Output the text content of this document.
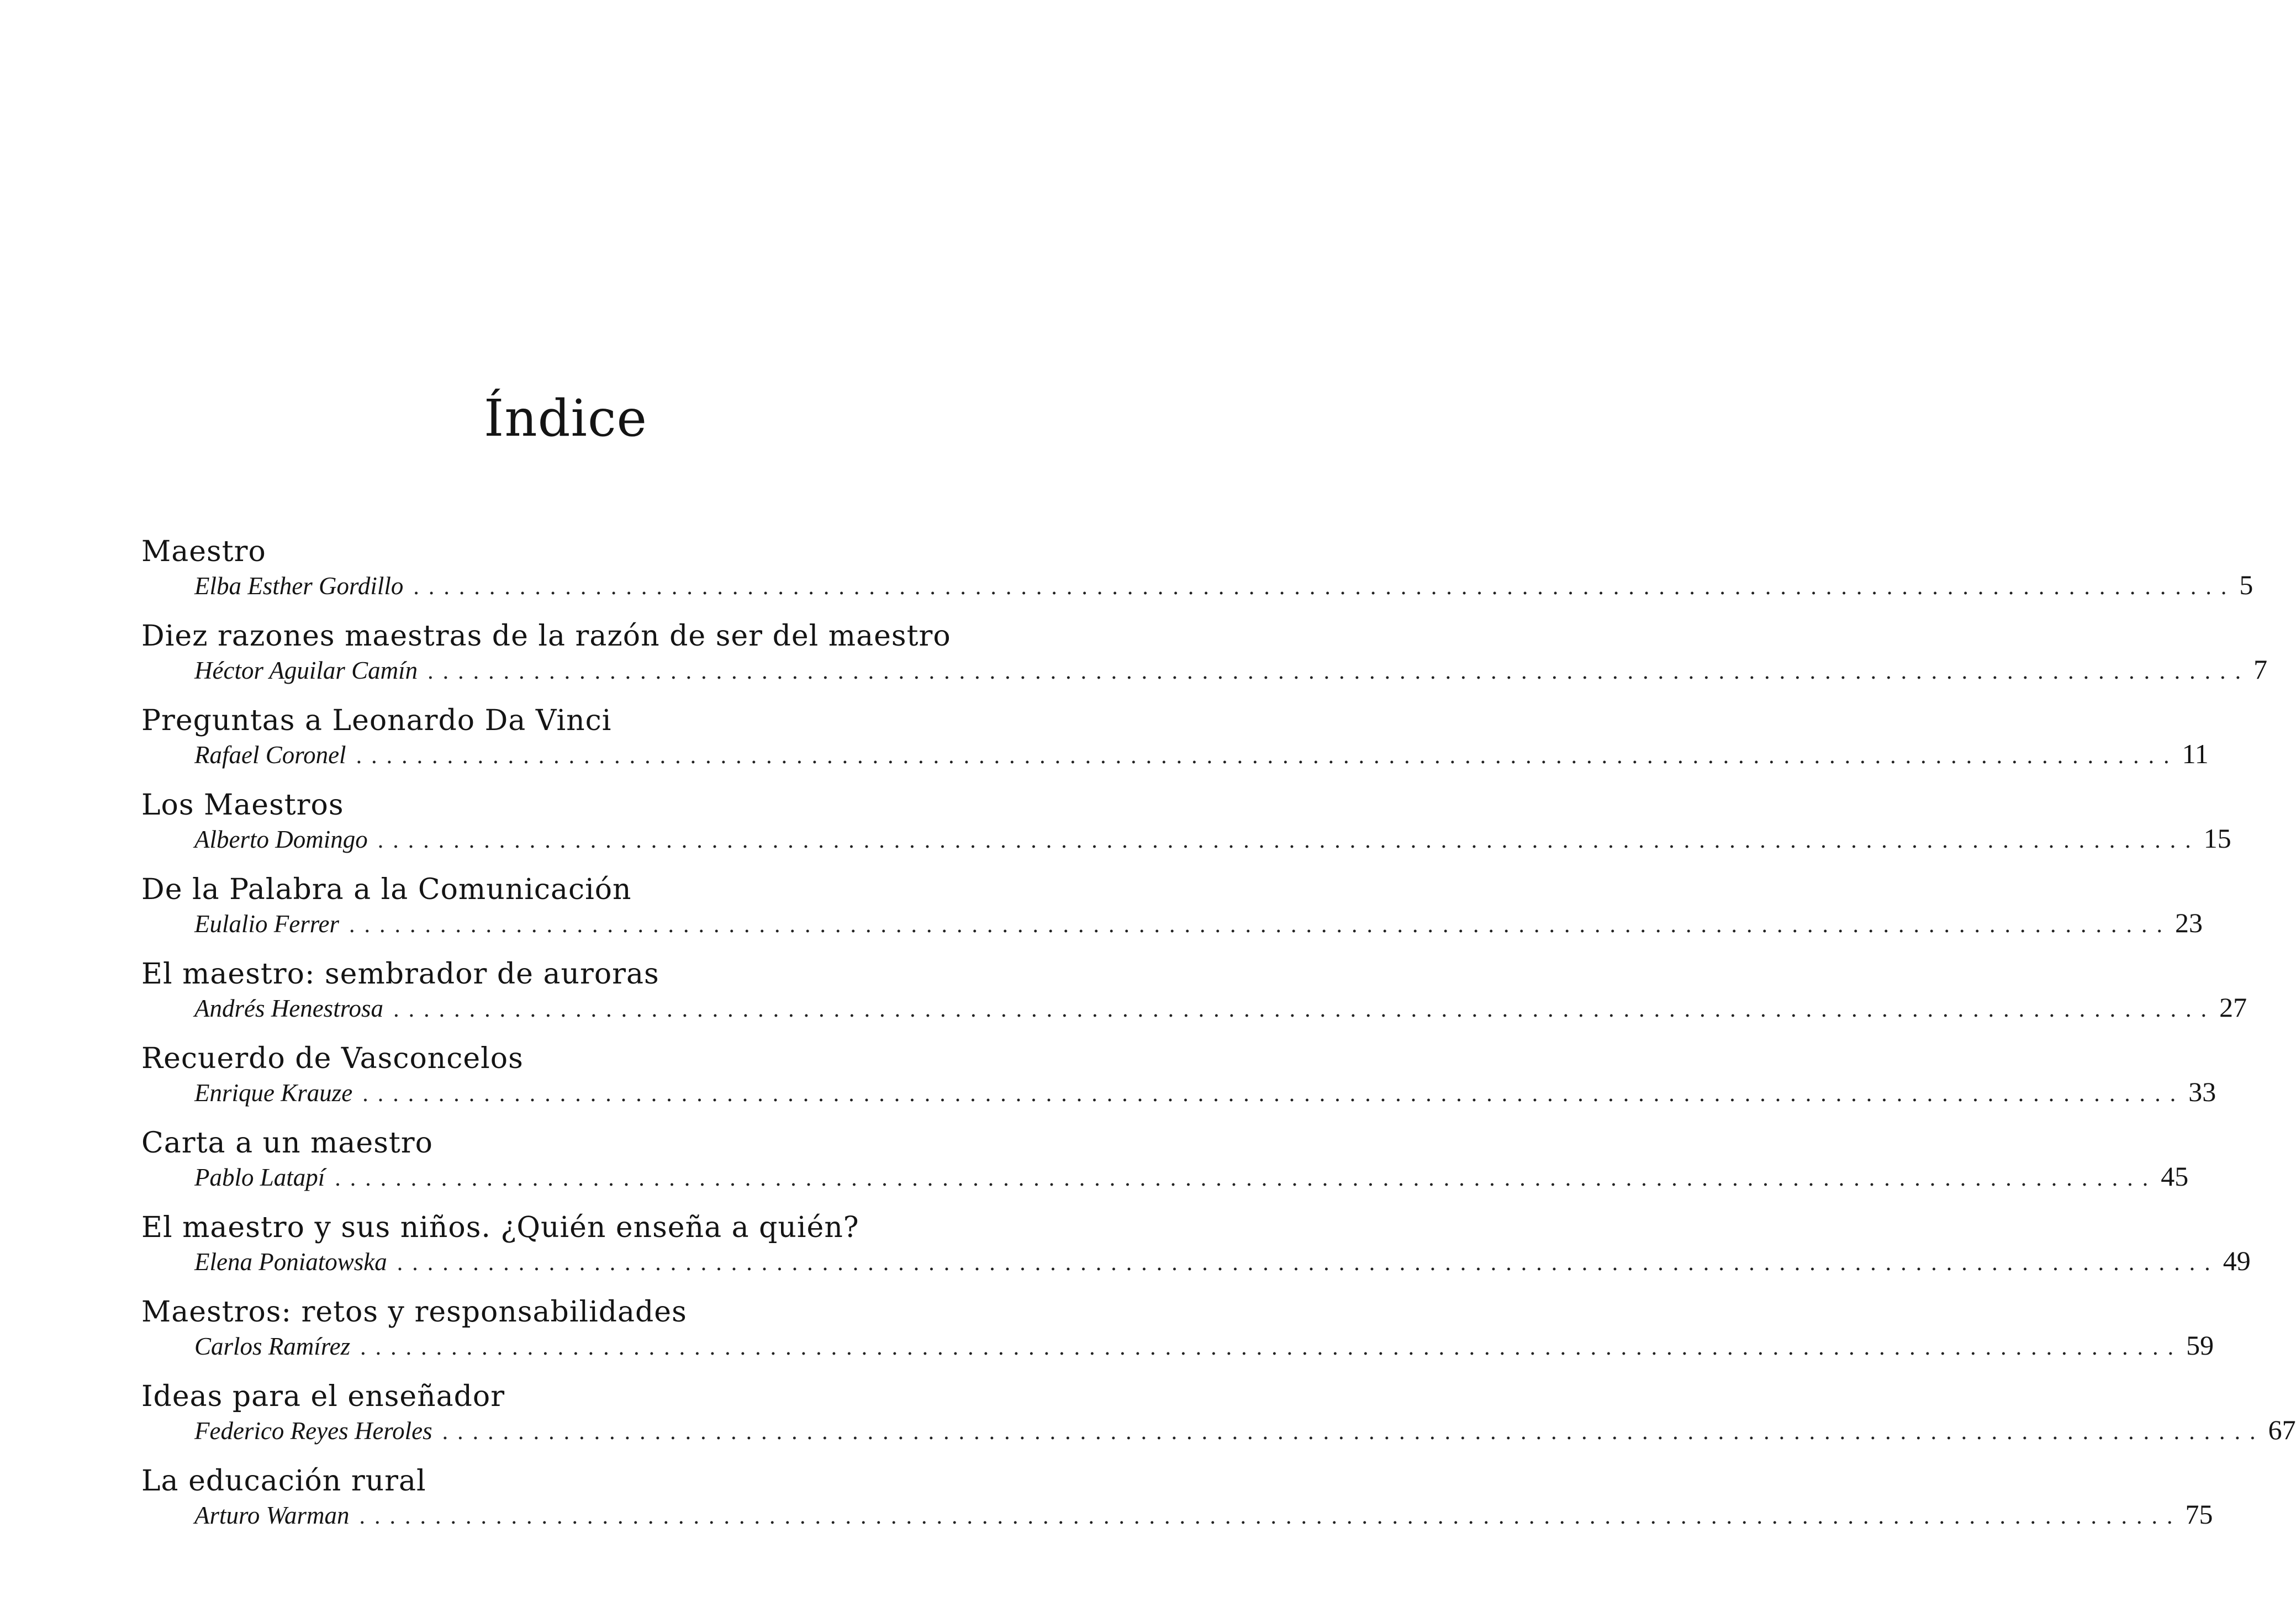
Índice
Maestro
Elba Esther Gordillo ........................................................................................................................ 5
Diez razones maestras de la razón de ser del maestro
Héctor Aguilar Camín ........................................................................................................................ 7
Preguntas a Leonardo Da Vinci
Rafael Coronel ........................................................................................................................ 11
Los Maestros
Alberto Domingo ........................................................................................................................ 15
De la Palabra a la Comunicación
Eulalio Ferrer ........................................................................................................................ 23
El maestro: sembrador de auroras
Andrés Henestrosa ........................................................................................................................ 27
Recuerdo de Vasconcelos
Enrique Krauze ........................................................................................................................ 33
Carta a un maestro
Pablo Latapí ........................................................................................................................ 45
El maestro y sus niños. ¿Quién enseña a quién?
Elena Poniatowska ........................................................................................................................ 49
Maestros: retos y responsabilidades
Carlos Ramírez ........................................................................................................................ 59
Ideas para el enseñador
Federico Reyes Heroles ........................................................................................................................ 67
La educación rural
Arturo Warman ........................................................................................................................ 75
